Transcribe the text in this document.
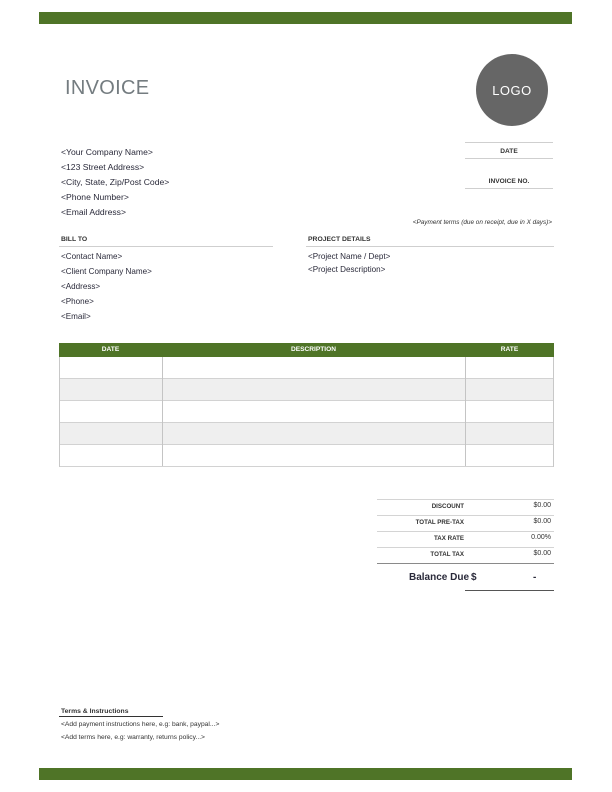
INVOICE	LOGO
<Your Company Name>
<123 Street Address>
<City, State, Zip/Post Code>
<Phone Number>
<Email Address>
DATE
INVOICE NO.
<Payment terms (due on receipt, due in X days)>
BILL TO
<Contact Name>
<Client Company Name>
<Address>
<Phone>
<Email>
PROJECT DETAILS
<Project Name / Dept>
<Project Description>
DATE	DESCRIPTION	RATE
DISCOUNT	$0.00
TOTAL PRE-TAX	$0.00
TAX RATE	0.00%
TOTAL TAX	$0.00
Balance Due $	-
Terms & Instructions
<Add payment instructions here, e.g: bank, paypal...>
<Add terms here, e.g: warranty, returns policy...>
